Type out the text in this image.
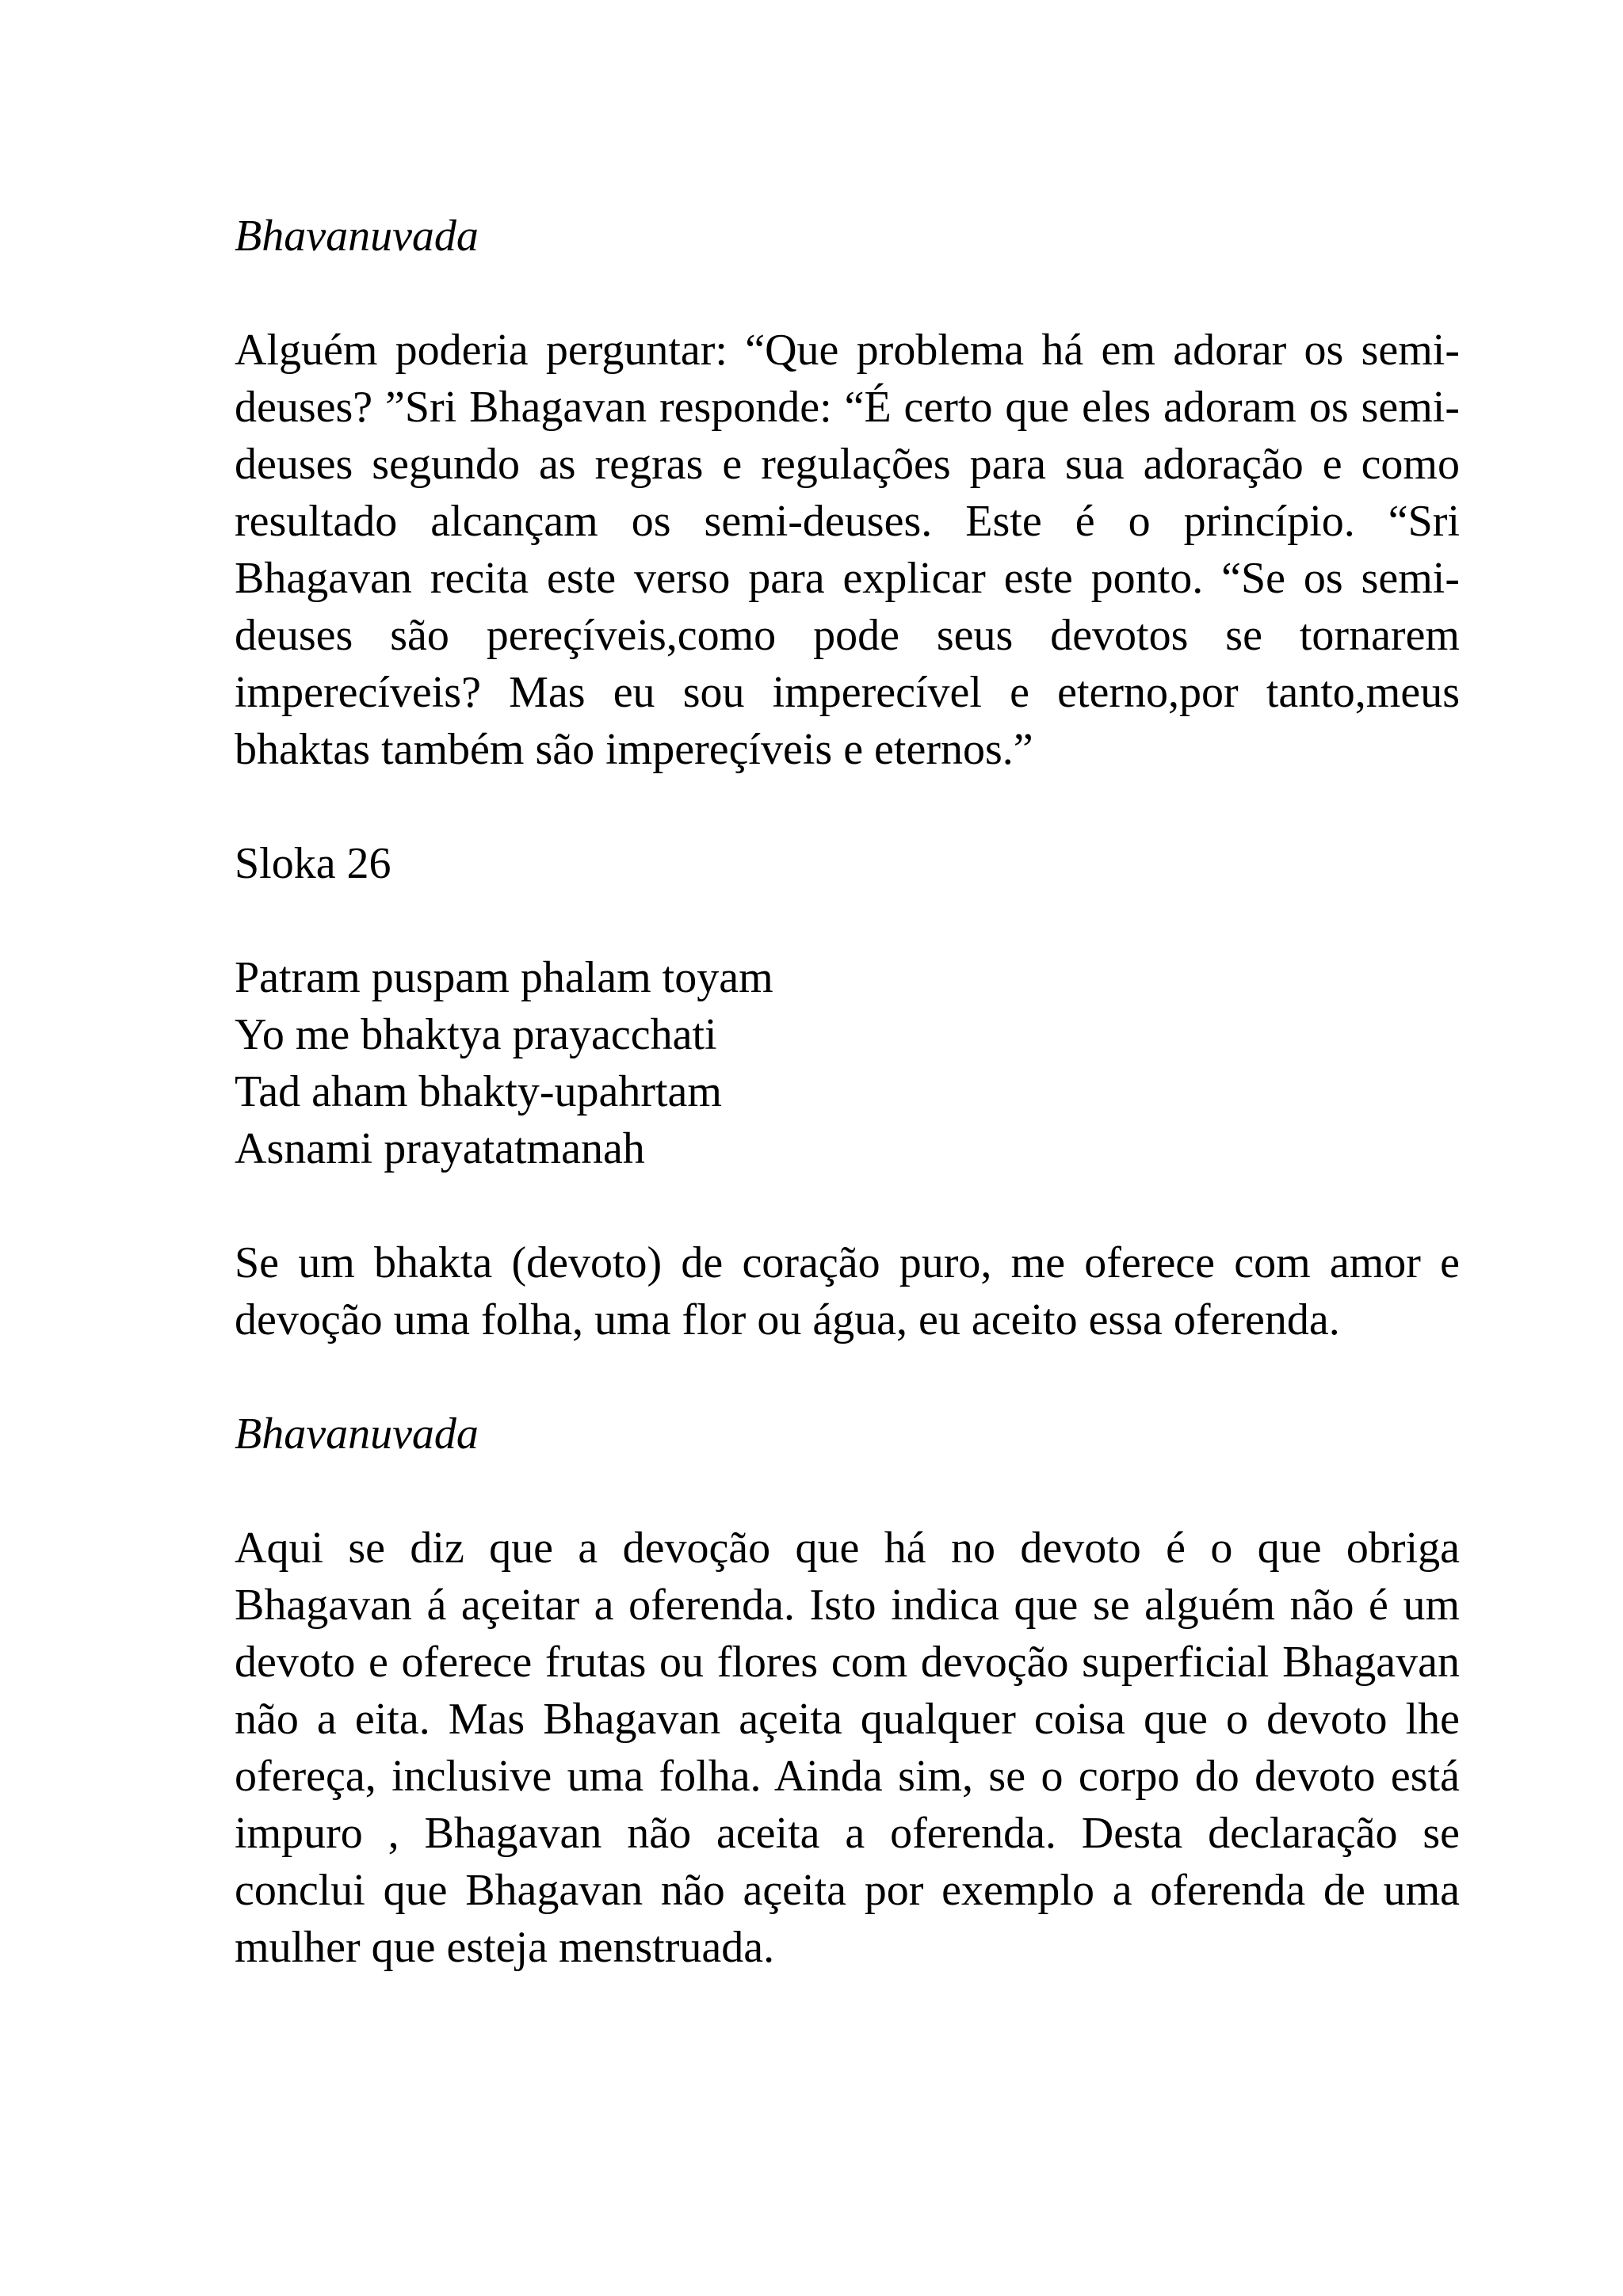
Bhavanuvada

Alguém poderia perguntar: “Que problema há em adorar os semi-deuses? ”Sri Bhagavan responde: “É certo que eles adoram os semi-deuses segundo as regras e regulações para sua adoração e como resultado alcançam os semi-deuses. Este é o princípio. “Sri Bhagavan recita este verso para explicar este ponto. “Se os semi-deuses são pereçíveis,como pode seus devotos se tornarem imperecíveis? Mas eu sou imperecível e eterno,por tanto,meus bhaktas também são impereçíveis e eternos.”

Sloka 26

Patram puspam phalam toyam
Yo me bhaktya prayacchati
Tad aham bhakty-upahrtam
Asnami prayatatmanah

Se um bhakta (devoto) de coração puro, me oferece com amor e devoção uma folha, uma flor ou água, eu aceito essa oferenda.

Bhavanuvada

Aqui se diz que a devoção que há no devoto é o que obriga Bhagavan á açeitar a oferenda. Isto indica que se alguém não é um devoto e oferece frutas ou flores com devoção superficial Bhagavan não a eita. Mas Bhagavan açeita qualquer coisa que o devoto lhe ofereça, inclusive uma folha. Ainda sim, se o corpo do devoto está impuro , Bhagavan não aceita a oferenda. Desta declaração se conclui que Bhagavan não açeita por exemplo a oferenda de uma mulher que esteja menstruada.
